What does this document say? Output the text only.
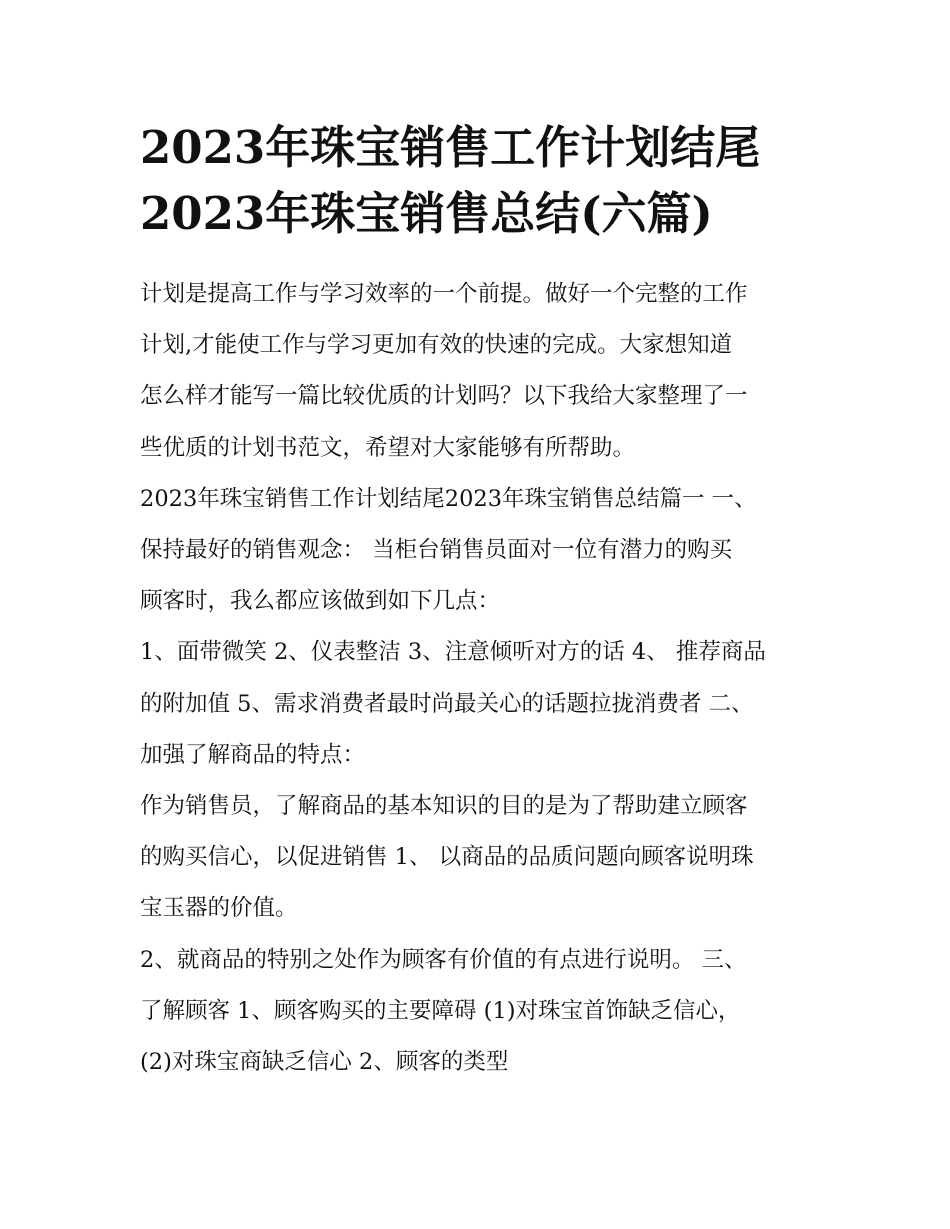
2023年珠宝销售工作计划结尾
2023年珠宝销售总结(六篇)

计划是提高工作与学习效率的一个前提。做好一个完整的工作
计划,才能使工作与学习更加有效的快速的完成。大家想知道
怎么样才能写一篇比较优质的计划吗？以下我给大家整理了一
些优质的计划书范文，希望对大家能够有所帮助。

2023年珠宝销售工作计划结尾2023年珠宝销售总结篇一 一、
保持最好的销售观念： 当柜台销售员面对一位有潜力的购买
顾客时，我么都应该做到如下几点：

1、面带微笑 2、仪表整洁 3、注意倾听对方的话 4、 推荐商品
的附加值 5、需求消费者最时尚最关心的话题拉拢消费者 二、
加强了解商品的特点：

作为销售员，了解商品的基本知识的目的是为了帮助建立顾客
的购买信心，以促进销售 1、 以商品的品质问题向顾客说明珠
宝玉器的价值。

2、就商品的特别之处作为顾客有价值的有点进行说明。 三、
了解顾客 1、顾客购买的主要障碍 (1)对珠宝首饰缺乏信心，
(2)对珠宝商缺乏信心 2、顾客的类型
